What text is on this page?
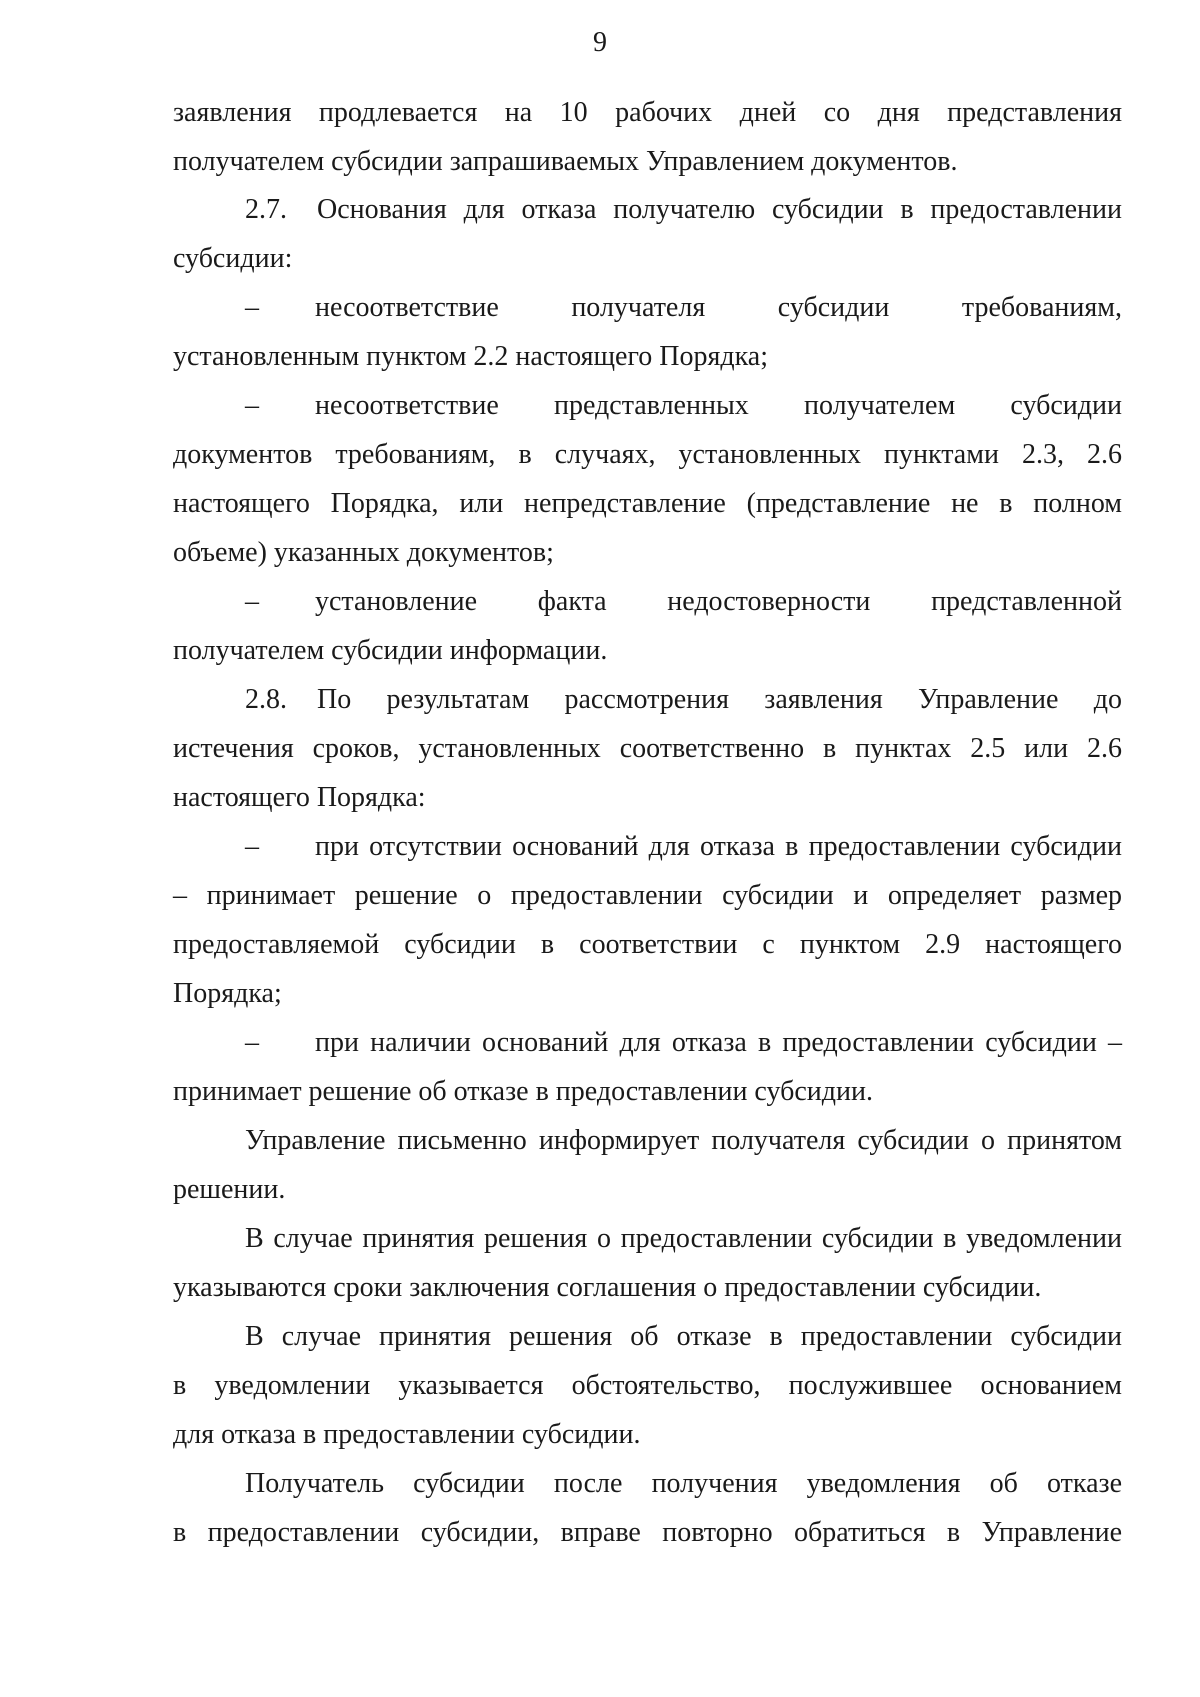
9
заявления продлевается на 10 рабочих дней со дня представления
получателем субсидии запрашиваемых Управлением документов.
2.7. Основания для отказа получателю субсидии в предоставлении
субсидии:
– несоответствие получателя субсидии требованиям,
установленным пунктом 2.2 настоящего Порядка;
– несоответствие представленных получателем субсидии
документов требованиям, в случаях, установленных пунктами 2.3, 2.6
настоящего Порядка, или непредставление (представление не в полном
объеме) указанных документов;
– установление факта недостоверности представленной
получателем субсидии информации.
2.8. По результатам рассмотрения заявления Управление до
истечения сроков, установленных соответственно в пунктах 2.5 или 2.6
настоящего Порядка:
– при отсутствии оснований для отказа в предоставлении субсидии
– принимает решение о предоставлении субсидии и определяет размер
предоставляемой субсидии в соответствии с пунктом 2.9 настоящего
Порядка;
– при наличии оснований для отказа в предоставлении субсидии –
принимает решение об отказе в предоставлении субсидии.
Управление письменно информирует получателя субсидии о принятом
решении.
В случае принятия решения о предоставлении субсидии в уведомлении
указываются сроки заключения соглашения о предоставлении субсидии.
В случае принятия решения об отказе в предоставлении субсидии
в уведомлении указывается обстоятельство, послужившее основанием
для отказа в предоставлении субсидии.
Получатель субсидии после получения уведомления об отказе
в предоставлении субсидии, вправе повторно обратиться в Управление
